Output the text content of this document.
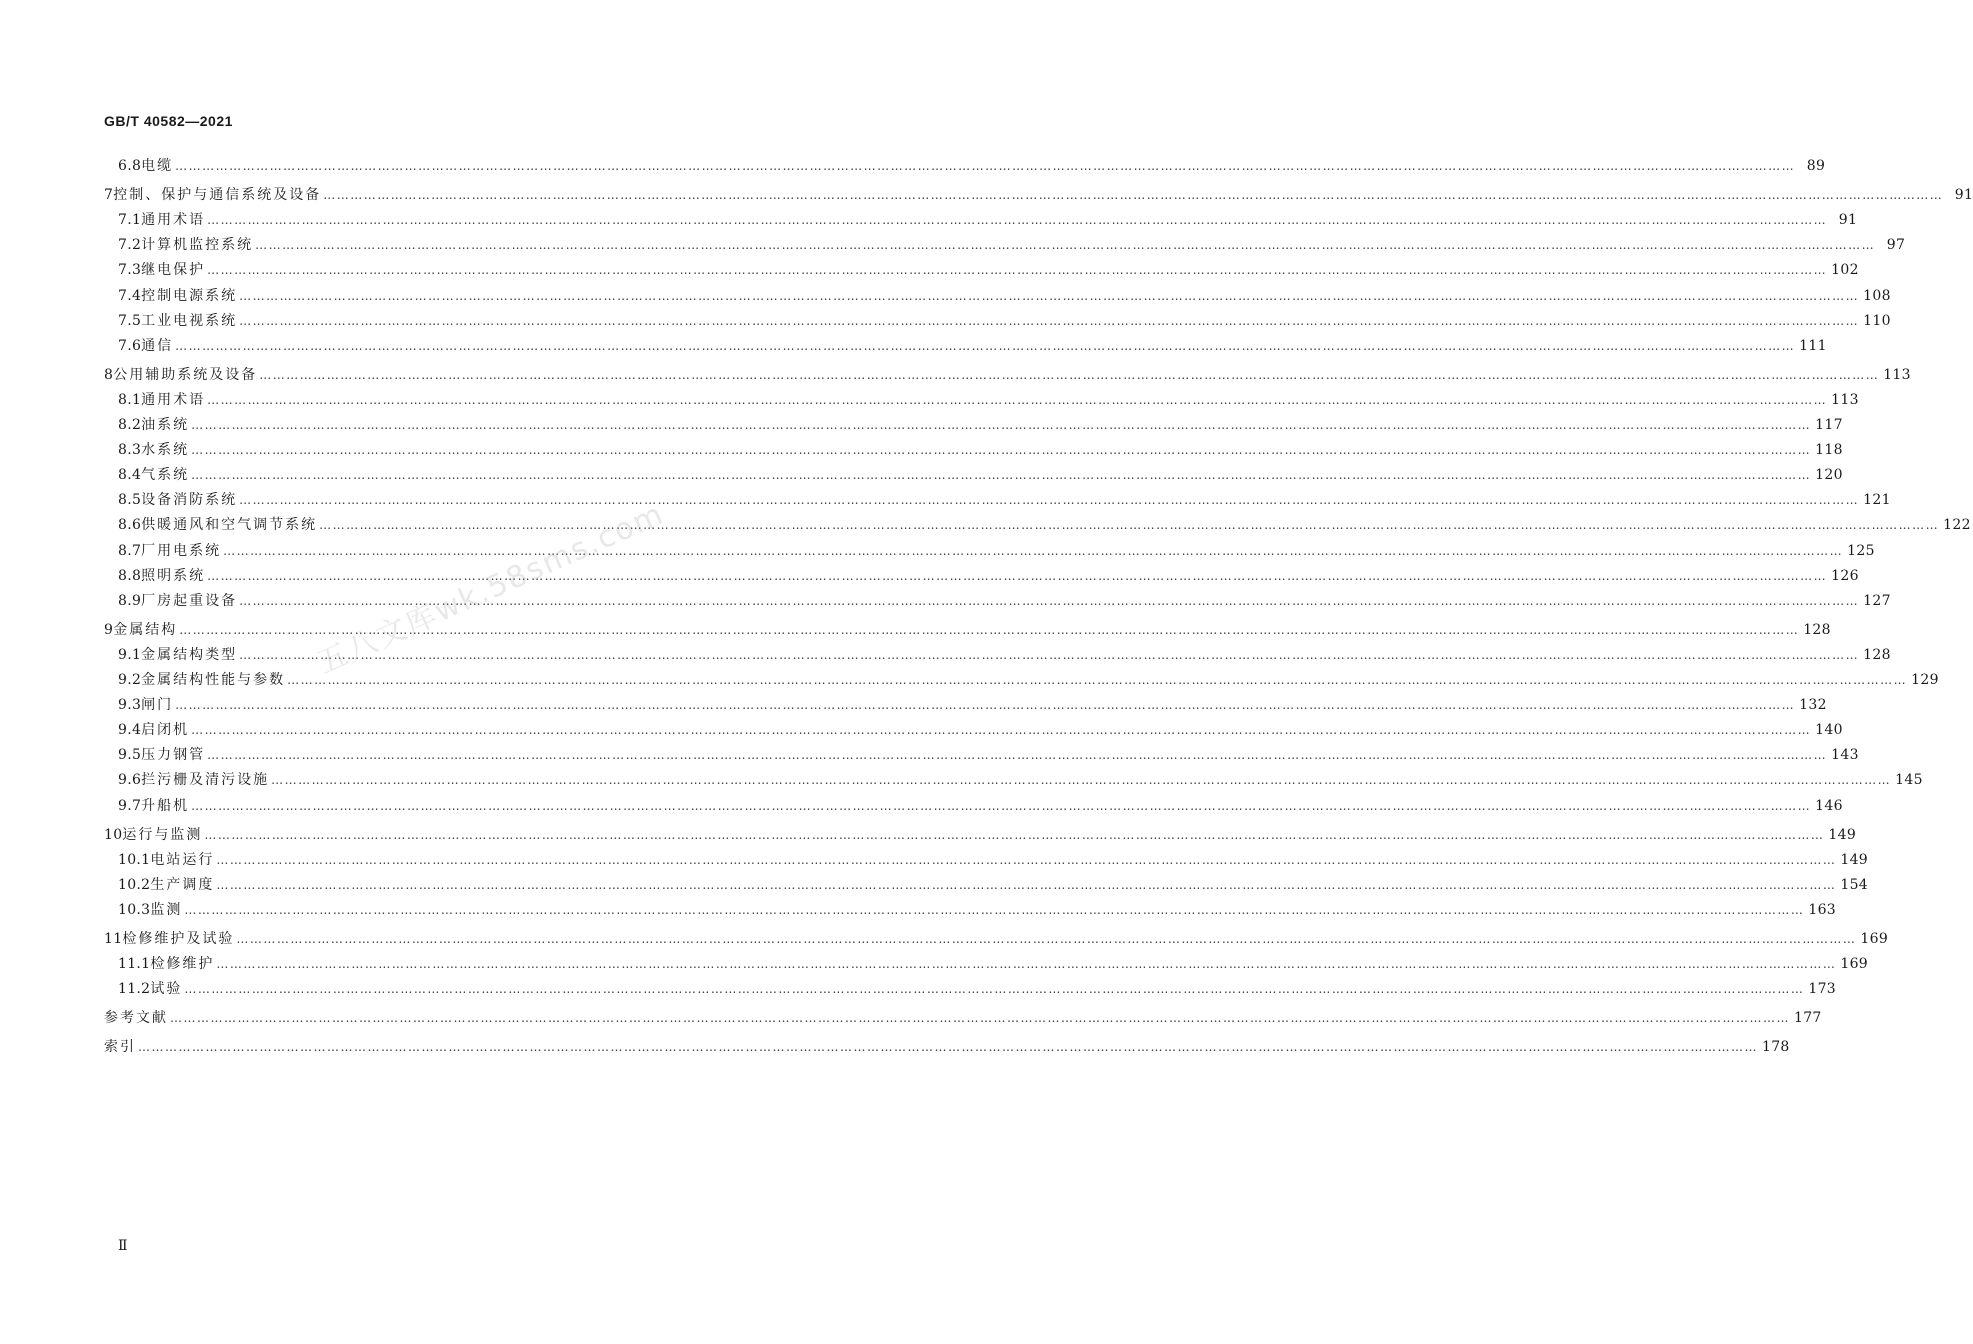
GB/T 40582—2021
6.8 电缆 ……………………………………………………………………………………………………………………………………………………………………………………………………………………………………………………………………………………………………………………………… 89
7 控制、保护与通信系统及设备 ……………………………………………………………………………………………………………………………………………………………………………………………………………………………………………………………………………………………………………………………… 91
7.1 通用术语 ……………………………………………………………………………………………………………………………………………………………………………………………………………………………………………………………………………………………………………………………… 91
7.2 计算机监控系统 ……………………………………………………………………………………………………………………………………………………………………………………………………………………………………………………………………………………………………………………………… 97
7.3 继电保护 ……………………………………………………………………………………………………………………………………………………………………………………………………………………………………………………………………………………………………………………………… 102
7.4 控制电源系统 ……………………………………………………………………………………………………………………………………………………………………………………………………………………………………………………………………………………………………………………………… 108
7.5 工业电视系统 ……………………………………………………………………………………………………………………………………………………………………………………………………………………………………………………………………………………………………………………………… 110
7.6 通信 ……………………………………………………………………………………………………………………………………………………………………………………………………………………………………………………………………………………………………………………………… 111
8 公用辅助系统及设备 ……………………………………………………………………………………………………………………………………………………………………………………………………………………………………………………………………………………………………………………………… 113
8.1 通用术语 ……………………………………………………………………………………………………………………………………………………………………………………………………………………………………………………………………………………………………………………………… 113
8.2 油系统 ……………………………………………………………………………………………………………………………………………………………………………………………………………………………………………………………………………………………………………………………… 117
8.3 水系统 ……………………………………………………………………………………………………………………………………………………………………………………………………………………………………………………………………………………………………………………………… 118
8.4 气系统 ……………………………………………………………………………………………………………………………………………………………………………………………………………………………………………………………………………………………………………………………… 120
8.5 设备消防系统 ……………………………………………………………………………………………………………………………………………………………………………………………………………………………………………………………………………………………………………………………… 121
8.6 供暖通风和空气调节系统 ……………………………………………………………………………………………………………………………………………………………………………………………………………………………………………………………………………………………………………………………… 122
8.7 厂用电系统 ……………………………………………………………………………………………………………………………………………………………………………………………………………………………………………………………………………………………………………………………… 125
8.8 照明系统 ……………………………………………………………………………………………………………………………………………………………………………………………………………………………………………………………………………………………………………………………… 126
8.9 厂房起重设备 ……………………………………………………………………………………………………………………………………………………………………………………………………………………………………………………………………………………………………………………………… 127
9 金属结构 ……………………………………………………………………………………………………………………………………………………………………………………………………………………………………………………………………………………………………………………………… 128
9.1 金属结构类型 ……………………………………………………………………………………………………………………………………………………………………………………………………………………………………………………………………………………………………………………………… 128
9.2 金属结构性能与参数 ……………………………………………………………………………………………………………………………………………………………………………………………………………………………………………………………………………………………………………………………… 129
9.3 闸门 ……………………………………………………………………………………………………………………………………………………………………………………………………………………………………………………………………………………………………………………………… 132
9.4 启闭机 ……………………………………………………………………………………………………………………………………………………………………………………………………………………………………………………………………………………………………………………………… 140
9.5 压力钢管 ……………………………………………………………………………………………………………………………………………………………………………………………………………………………………………………………………………………………………………………………… 143
9.6 拦污栅及清污设施 ……………………………………………………………………………………………………………………………………………………………………………………………………………………………………………………………………………………………………………………………… 145
9.7 升船机 ……………………………………………………………………………………………………………………………………………………………………………………………………………………………………………………………………………………………………………………………… 146
10 运行与监测 ……………………………………………………………………………………………………………………………………………………………………………………………………………………………………………………………………………………………………………………………… 149
10.1 电站运行 ……………………………………………………………………………………………………………………………………………………………………………………………………………………………………………………………………………………………………………………………… 149
10.2 生产调度 ……………………………………………………………………………………………………………………………………………………………………………………………………………………………………………………………………………………………………………………………… 154
10.3 监测 ……………………………………………………………………………………………………………………………………………………………………………………………………………………………………………………………………………………………………………………………… 163
11 检修维护及试验 ……………………………………………………………………………………………………………………………………………………………………………………………………………………………………………………………………………………………………………………………… 169
11.1 检修维护 ……………………………………………………………………………………………………………………………………………………………………………………………………………………………………………………………………………………………………………………………… 169
11.2 试验 ……………………………………………………………………………………………………………………………………………………………………………………………………………………………………………………………………………………………………………………………… 173
参考文献 ……………………………………………………………………………………………………………………………………………………………………………………………………………………………………………………………………………………………………………………………… 177
索引 ……………………………………………………………………………………………………………………………………………………………………………………………………………………………………………………………………………………………………………………………… 178
五八文库wk.58sms.com
Ⅱ
